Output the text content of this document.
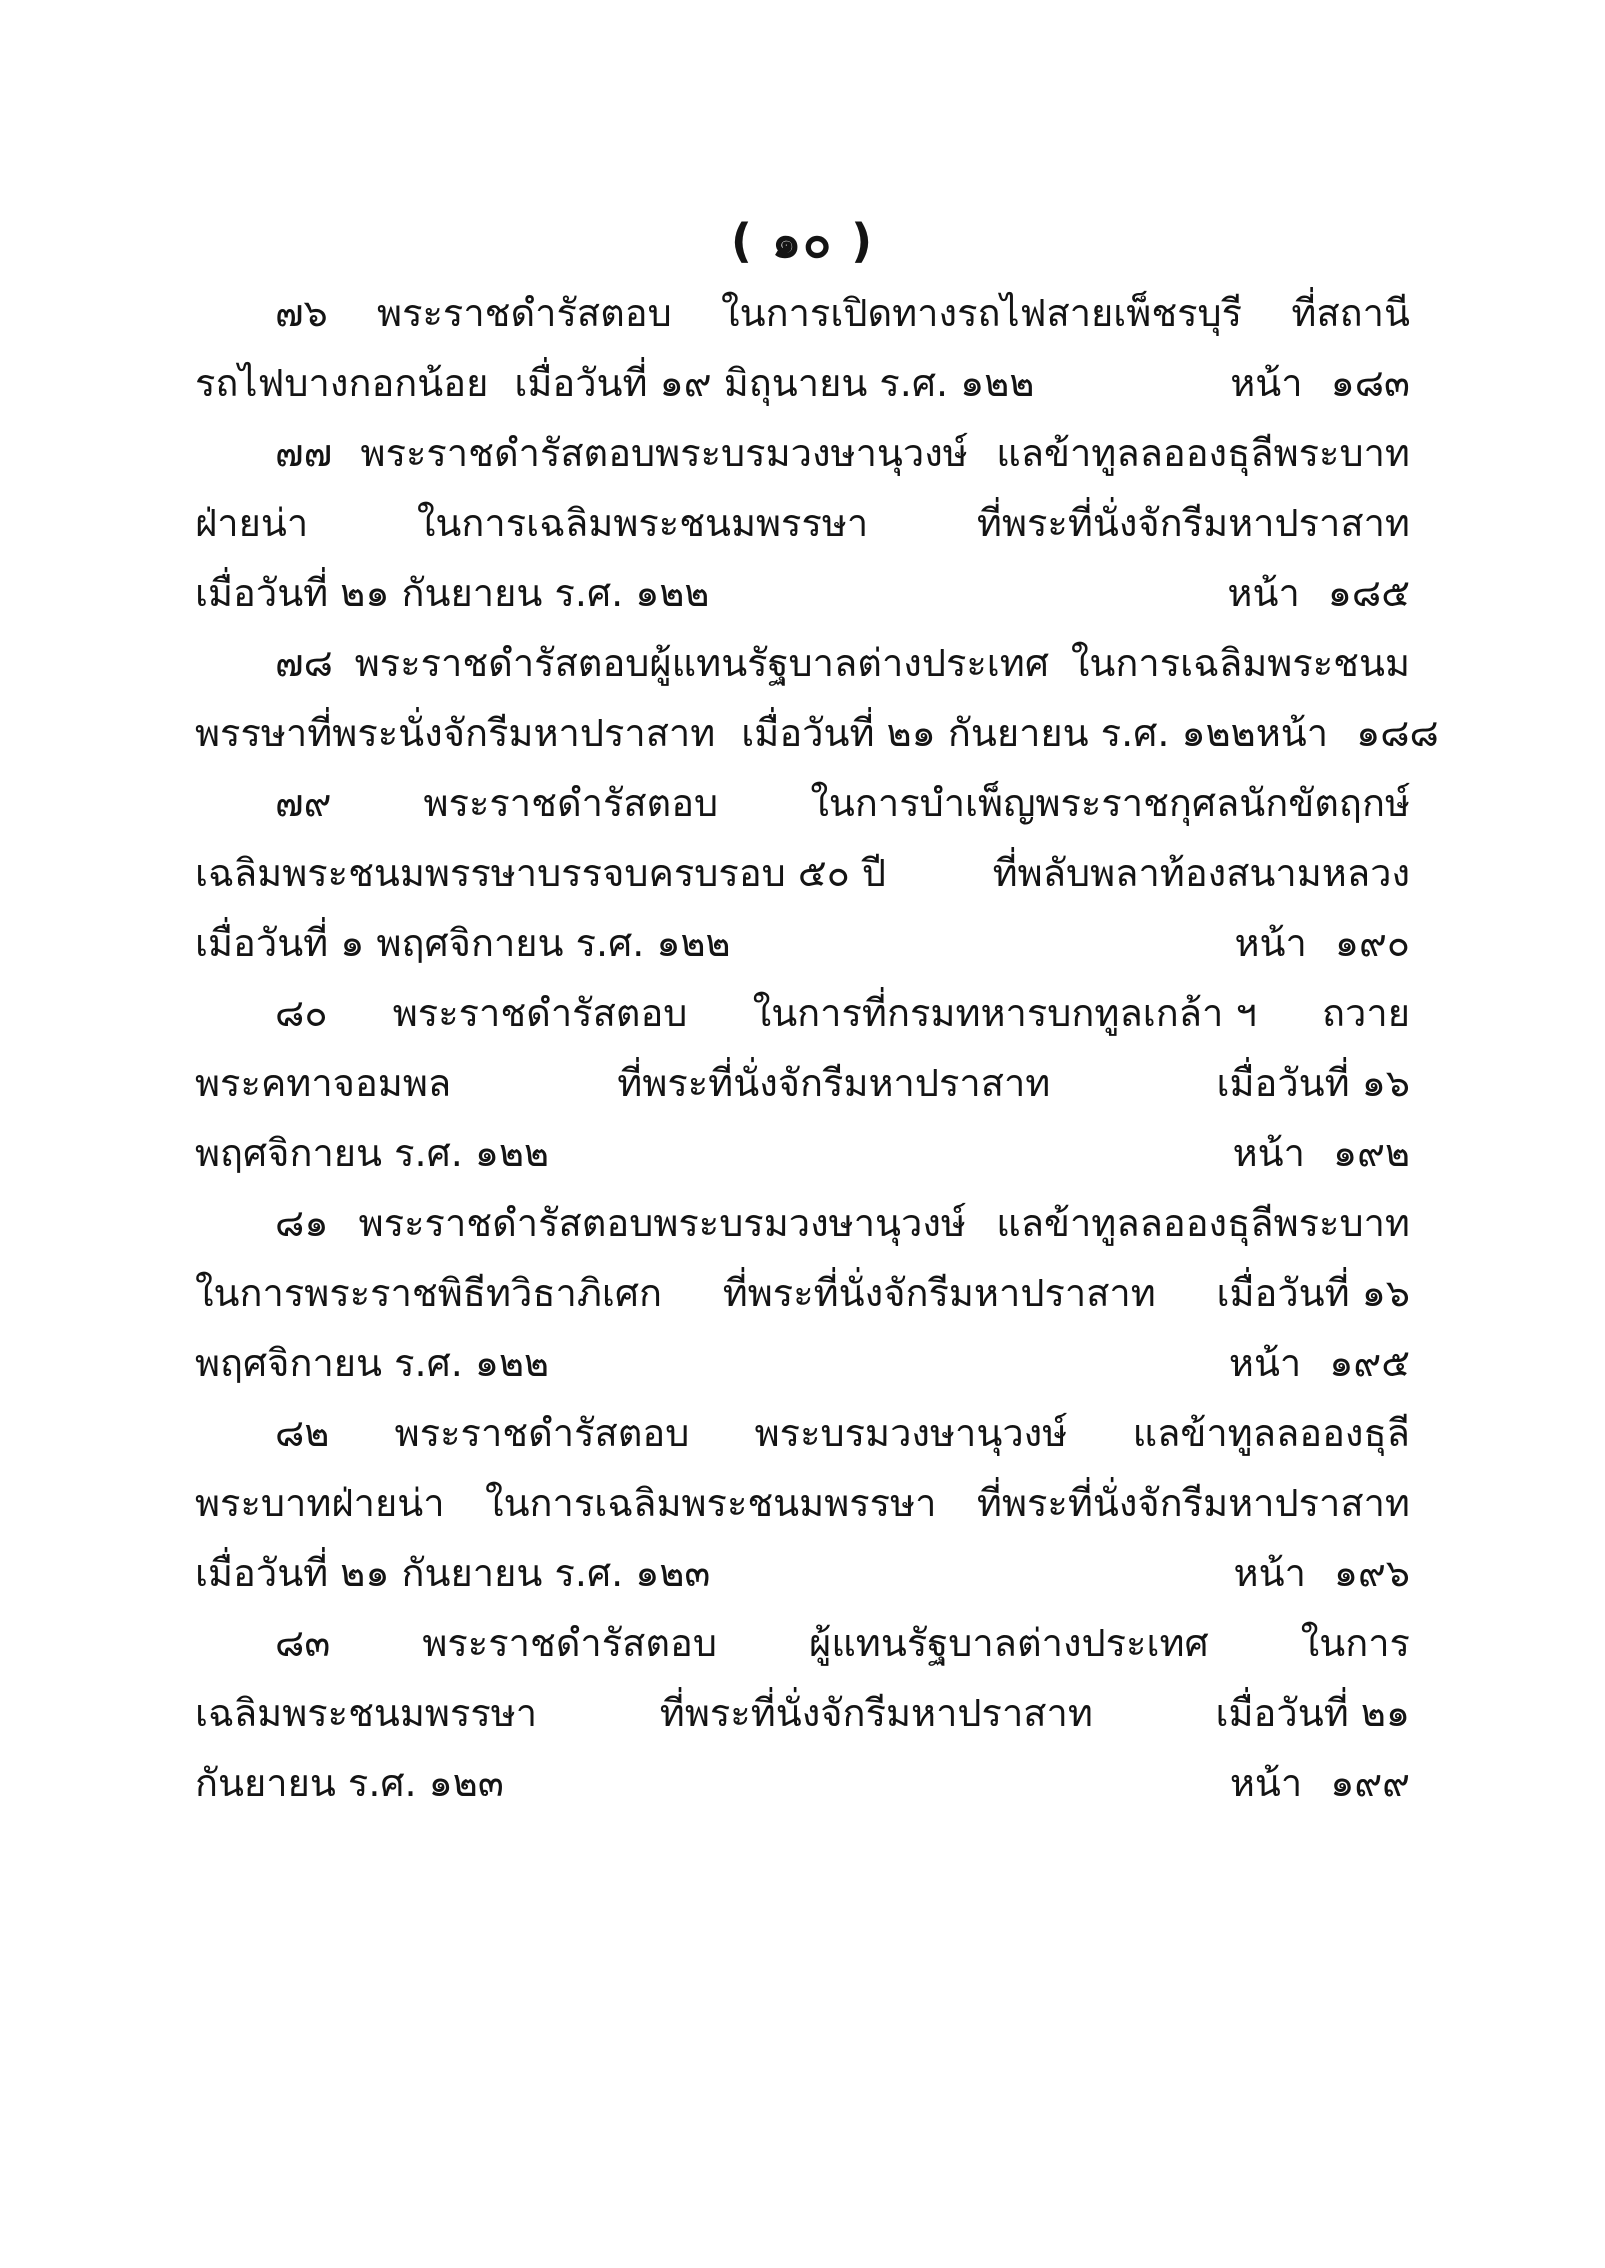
( ๑๐ )
๗๖ พระราชดำรัสตอบ ในการเปิดทางรถไฟสายเพ็ชรบุรี ที่สถานี
รถไฟบางกอกน้อย เมื่อวันที่ ๑๙ มิถุนายน ร.ศ. ๑๒๒	หน้า ๑๘๓
๗๗ พระราชดำรัสตอบพระบรมวงษานุวงษ์ แลข้าทูลลอองธุลีพระบาท
ฝ่ายน่า	ในการเฉลิมพระชนมพรรษา	ที่พระที่นั่งจักรีมหาปราสาท
เมื่อวันที่ ๒๑ กันยายน ร.ศ. ๑๒๒	หน้า ๑๘๕
๗๘ พระราชดำรัสตอบผู้แทนรัฐบาลต่างประเทศ ในการเฉลิมพระชนม
พรรษาที่พระนั่งจักรีมหาปราสาท เมื่อวันที่ ๒๑ กันยายน ร.ศ. ๑๒๒ หน้า ๑๘๘
๗๙ พระราชดำรัสตอบ ในการบำเพ็ญพระราชกุศลนักขัตฤกษ์
เฉลิมพระชนมพรรษาบรรจบครบรอบ ๕๐ ปี	ที่พลับพลาท้องสนามหลวง
เมื่อวันที่ ๑ พฤศจิกายน ร.ศ. ๑๒๒	หน้า ๑๙๐
๘๐ พระราชดำรัสตอบ ในการที่กรมทหารบกทูลเกล้า ฯ ถวาย
พระคทาจอมพล	ที่พระที่นั่งจักรีมหาปราสาท	เมื่อวันที่ ๑๖
พฤศจิกายน ร.ศ. ๑๒๒	หน้า ๑๙๒
๘๑ พระราชดำรัสตอบพระบรมวงษานุวงษ์ แลข้าทูลลอองธุลีพระบาท
ในการพระราชพิธีทวิธาภิเศก ที่พระที่นั่งจักรีมหาปราสาท เมื่อวันที่ ๑๖
พฤศจิกายน ร.ศ. ๑๒๒	หน้า ๑๙๕
๘๒ พระราชดำรัสตอบ พระบรมวงษานุวงษ์ แลข้าทูลลอองธุลี
พระบาทฝ่ายน่า ในการเฉลิมพระชนมพรรษา ที่พระที่นั่งจักรีมหาปราสาท
เมื่อวันที่ ๒๑ กันยายน ร.ศ. ๑๒๓	หน้า ๑๙๖
๘๓ พระราชดำรัสตอบ ผู้แทนรัฐบาลต่างประเทศ ในการ
เฉลิมพระชนมพรรษา	ที่พระที่นั่งจักรีมหาปราสาท	เมื่อวันที่ ๒๑
กันยายน ร.ศ. ๑๒๓	หน้า ๑๙๙
